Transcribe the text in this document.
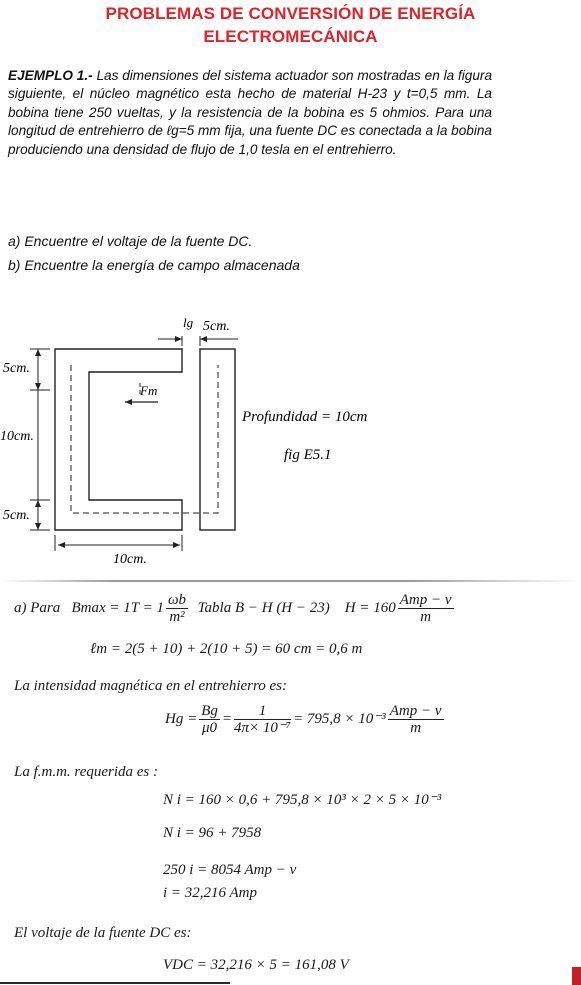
PROBLEMAS DE CONVERSIÓN DE ENERGÍA
ELECTROMECÁNICA
EJEMPLO 1.- Las dimensiones del sistema actuador son mostradas en la figura siguiente, el núcleo magnético esta hecho de material H-23 y t=0,5 mm. La bobina tiene 250 vueltas, y la resistencia de la bobina es 5 ohmios. Para una longitud de entrehierro de ℓg=5 mm fija, una fuente DC es conectada a la bobina produciendo una densidad de flujo de 1,0 tesla en el entrehierro.
a) Encuentre el voltaje de la fuente DC.
b) Encuentre la energía de campo almacenada
lg 5cm.
5cm.
10cm.
5cm.
10cm.
Fm
Profundidad = 10cm
fig E5.1
a) Para $Bmax = 1T = 1 \frac{\omega b}{\text{m²}}$ Tabla B − H (H − 23) $H = 160 \frac{\text{Amp − v}}{m}$
ℓm = 2(5 + 10) + 2(10 + 5) = 60 cm = 0,6 m
La intensidad magnética en el entrehierro es:
$Hg = \frac{Bg}{\mu 0} = \frac{1}{\text{4π× 10⁻⁷}} = 795,8 \times 10^{-3} \frac{\text{Amp − v}}{m}$
La f.m.m. requerida es :
N i = 160 × 0,6 + 795,8 × 10³ × 2 × 5 × 10⁻³
N i = 96 + 7958
250 i = 8054 Amp − v
i = 32,216 Amp
El voltaje de la fuente DC es:
VDC = 32,216 × 5 = 161,08 V
